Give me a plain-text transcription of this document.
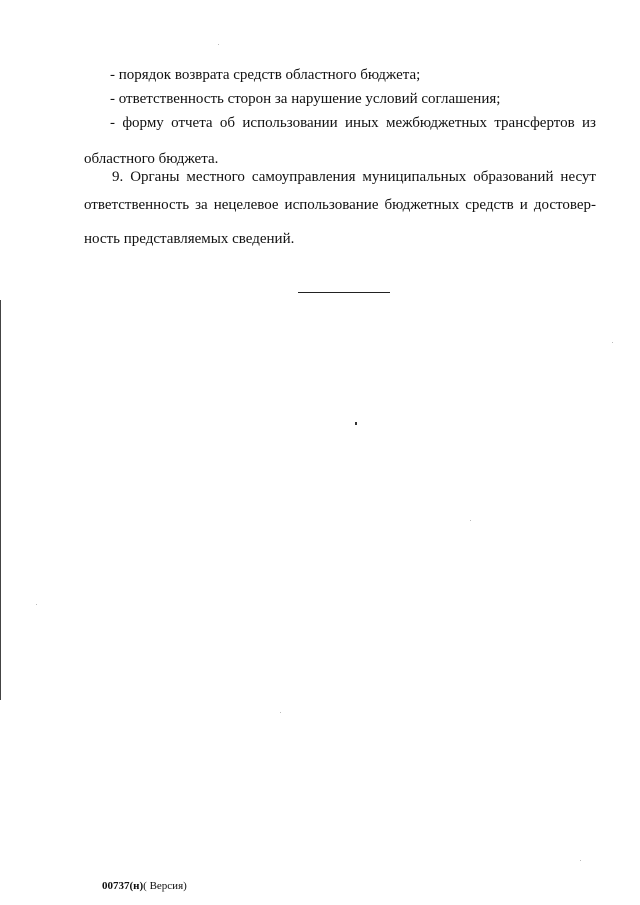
- порядок возврата средств областного бюджета;
- ответственность сторон за нарушение условий соглашения;
- форму отчета об использовании иных межбюджетных трансфертов из
областного бюджета.
9. Органы местного самоуправления муниципальных образований несут
ответственность за нецелевое использование бюджетных средств и достовер-
ность представляемых сведений.
00737(н)( Версия)
